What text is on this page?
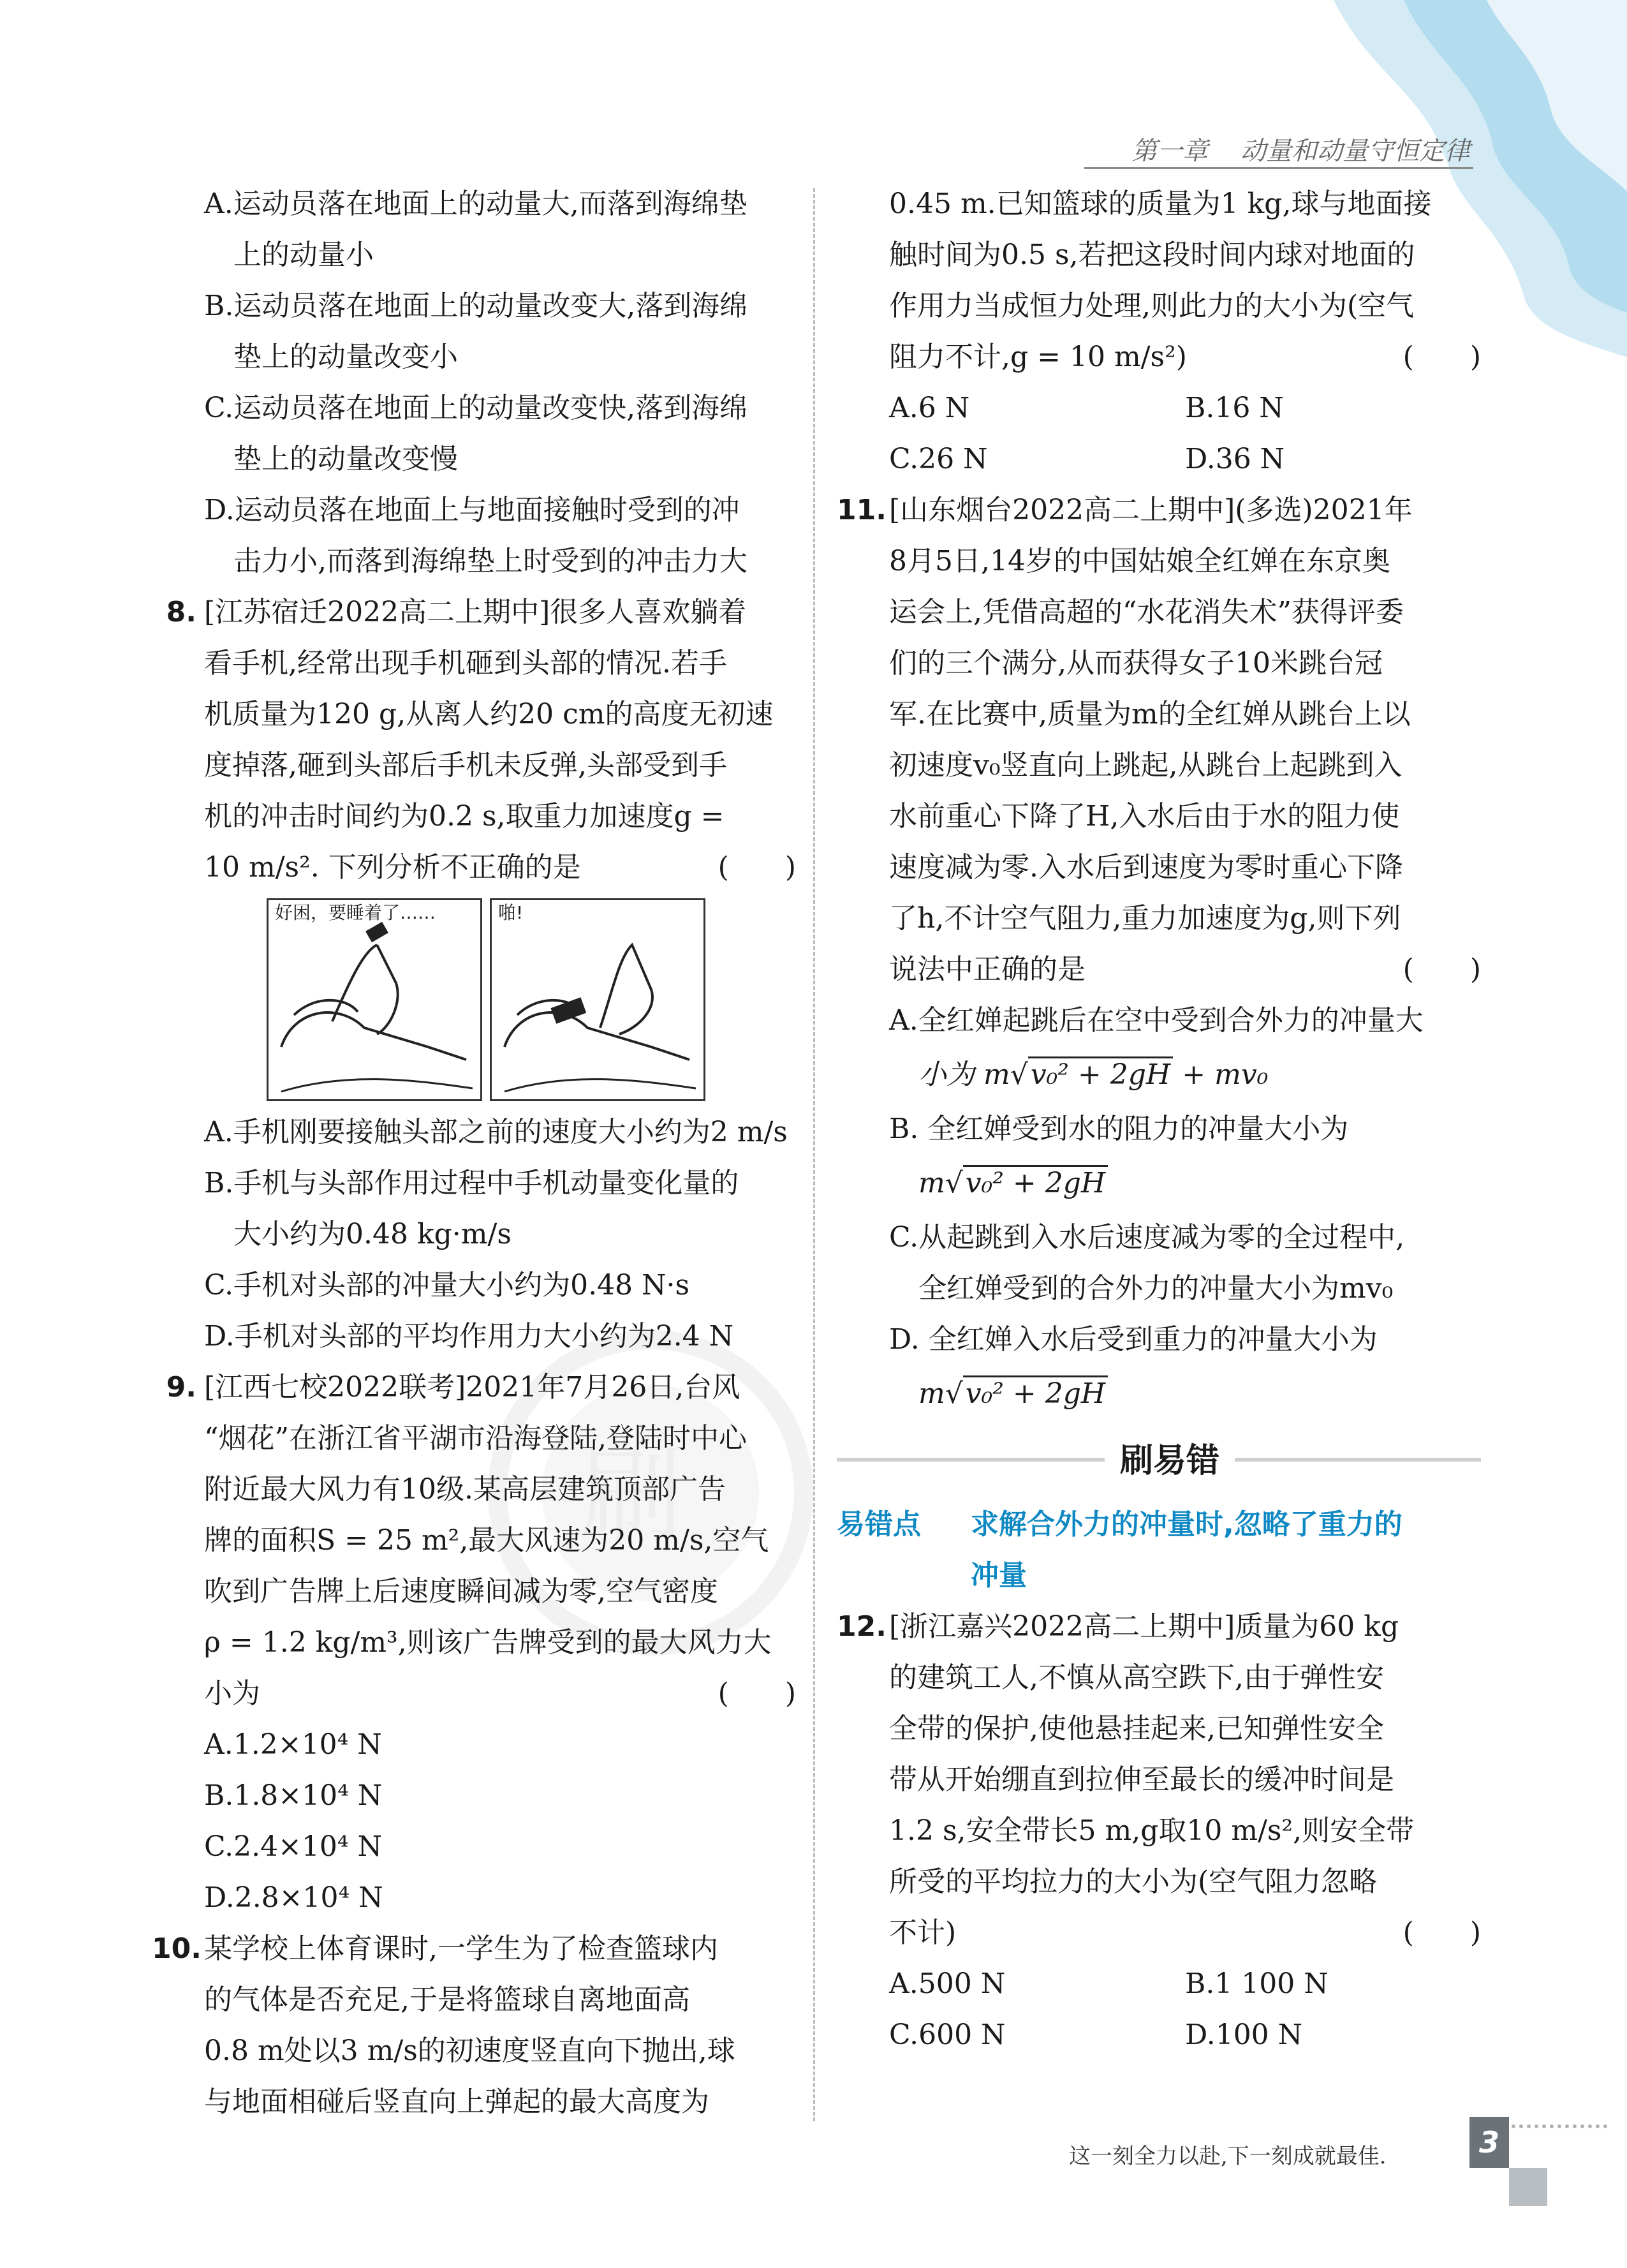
刷
第一章 动量和动量守恒定律
A.运动员落在地面上的动量大,而落到海绵垫
上的动量小
B.运动员落在地面上的动量改变大,落到海绵
垫上的动量改变小
C.运动员落在地面上的动量改变快,落到海绵
垫上的动量改变慢
D.运动员落在地面上与地面接触时受到的冲
击力小,而落到海绵垫上时受到的冲击力大
8. [江苏宿迁2022高二上期中]很多人喜欢躺着
看手机,经常出现手机砸到头部的情况.若手
机质量为120 g,从离人约20 cm的高度无初速
度掉落,砸到头部后手机未反弹,头部受到手
机的冲击时间约为0.2 s,取重力加速度g =
10 m/s². 下列分析不正确的是	(　　)
好困，要睡着了……	啪!
A.手机刚要接触头部之前的速度大小约为2 m/s
B.手机与头部作用过程中手机动量变化量的
大小约为0.48 kg·m/s
C.手机对头部的冲量大小约为0.48 N·s
D.手机对头部的平均作用力大小约为2.4 N
9. [江西七校2022联考]2021年7月26日,台风
“烟花”在浙江省平湖市沿海登陆,登陆时中心
附近最大风力有10级.某高层建筑顶部广告
牌的面积S = 25 m²,最大风速为20 m/s,空气
吹到广告牌上后速度瞬间减为零,空气密度
ρ = 1.2 kg/m³,则该广告牌受到的最大风力大
小为	(　　)
A.1.2×10⁴ N
B.1.8×10⁴ N
C.2.4×10⁴ N
D.2.8×10⁴ N
10.某学校上体育课时,一学生为了检查篮球内
的气体是否充足,于是将篮球自离地面高
0.8 m处以3 m/s的初速度竖直向下抛出,球
与地面相碰后竖直向上弹起的最大高度为
0.45 m.已知篮球的质量为1 kg,球与地面接
触时间为0.5 s,若把这段时间内球对地面的
作用力当成恒力处理,则此力的大小为(空气
阻力不计,g = 10 m/s²)	(　　)
A.6 N	B.16 N
C.26 N	D.36 N
11.[山东烟台2022高二上期中](多选)2021年
8月5日,14岁的中国姑娘全红婵在东京奥
运会上,凭借高超的“水花消失术”获得评委
们的三个满分,从而获得女子10米跳台冠
军.在比赛中,质量为m的全红婵从跳台上以
初速度v₀竖直向上跳起,从跳台上起跳到入
水前重心下降了H,入水后由于水的阻力使
速度减为零.入水后到速度为零时重心下降
了h,不计空气阻力,重力加速度为g,则下列
说法中正确的是	(　　)
A.全红婵起跳后在空中受到合外力的冲量大
小为 m√v₀² + 2gH + mv₀
B. 全红婵受到水的阻力的冲量大小为
m√v₀² + 2gH
C.从起跳到入水后速度减为零的全过程中,
全红婵受到的合外力的冲量大小为mv₀
D. 全红婵入水后受到重力的冲量大小为
m√v₀² + 2gH
刷易错
易错点 求解合外力的冲量时,忽略了重力的
冲量
12.[浙江嘉兴2022高二上期中]质量为60 kg
的建筑工人,不慎从高空跌下,由于弹性安
全带的保护,使他悬挂起来,已知弹性安全
带从开始绷直到拉伸至最长的缓冲时间是
1.2 s,安全带长5 m,g取10 m/s²,则安全带
所受的平均拉力的大小为(空气阻力忽略
不计)	(　　)
A.500 N	B.1 100 N
C.600 N	D.100 N
这一刻全力以赴,下一刻成就最佳.	3
